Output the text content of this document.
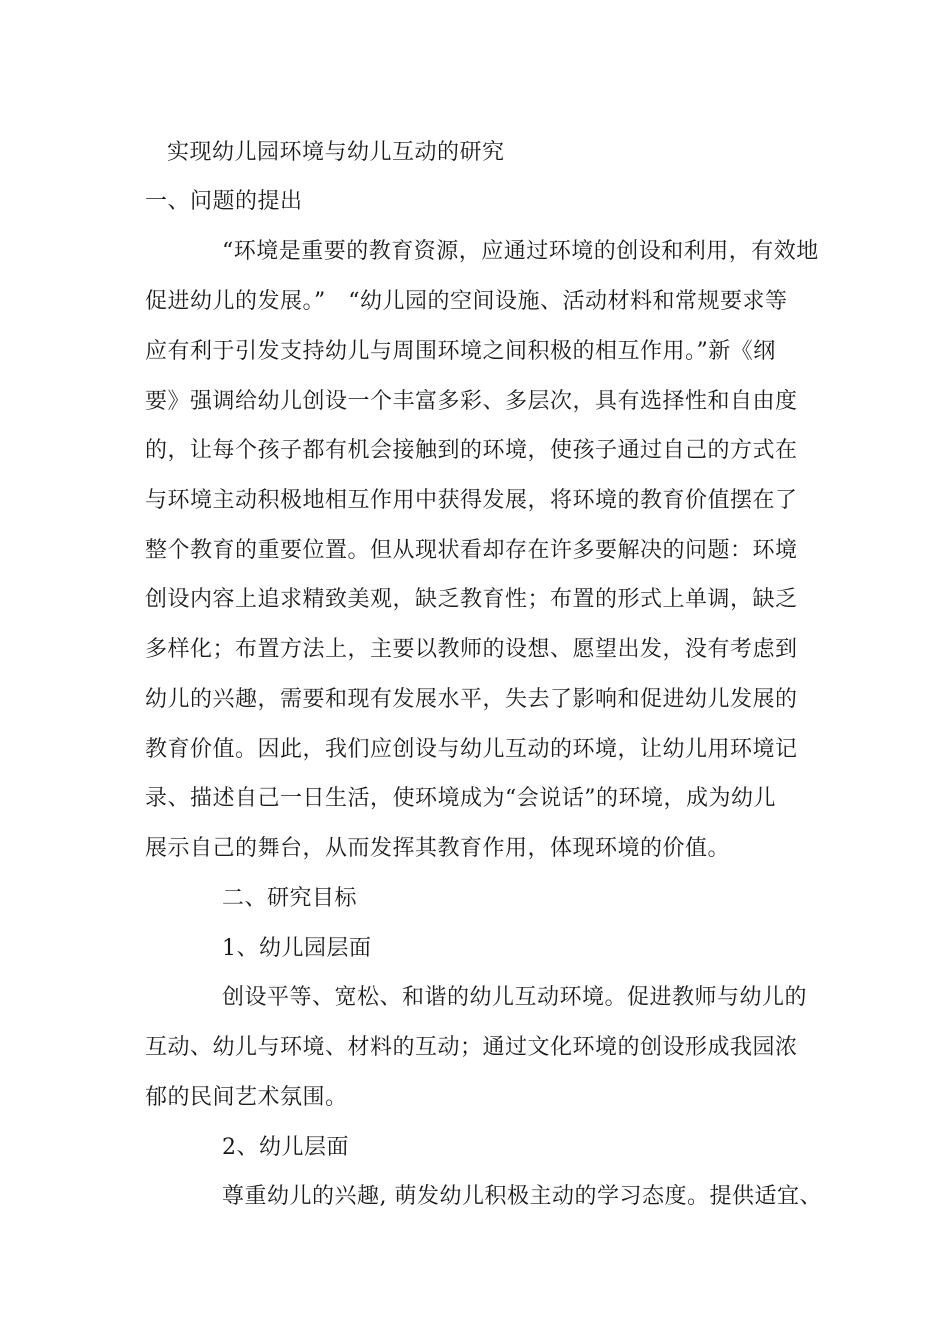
实现幼儿园环境与幼儿互动的研究
一、问题的提出
“环境是重要的教育资源，应通过环境的创设和利用，有效地
促进幼儿的发展。”　“幼儿园的空间设施、活动材料和常规要求等
应有利于引发支持幼儿与周围环境之间积极的相互作用。”新《纲
要》强调给幼儿创设一个丰富多彩、多层次，具有选择性和自由度
的，让每个孩子都有机会接触到的环境，使孩子通过自己的方式在
与环境主动积极地相互作用中获得发展，将环境的教育价值摆在了
整个教育的重要位置。但从现状看却存在许多要解决的问题：环境
创设内容上追求精致美观，缺乏教育性；布置的形式上单调，缺乏
多样化；布置方法上，主要以教师的设想、愿望出发，没有考虑到
幼儿的兴趣，需要和现有发展水平，失去了影响和促进幼儿发展的
教育价值。因此，我们应创设与幼儿互动的环境，让幼儿用环境记
录、描述自己一日生活，使环境成为“会说话”的环境，成为幼儿
展示自己的舞台，从而发挥其教育作用，体现环境的价值。
二、研究目标
1、幼儿园层面
创设平等、宽松、和谐的幼儿互动环境。促进教师与幼儿的
互动、幼儿与环境、材料的互动；通过文化环境的创设形成我园浓
郁的民间艺术氛围。
2、幼儿层面
尊重幼儿的兴趣, 萌发幼儿积极主动的学习态度。提供适宜、
